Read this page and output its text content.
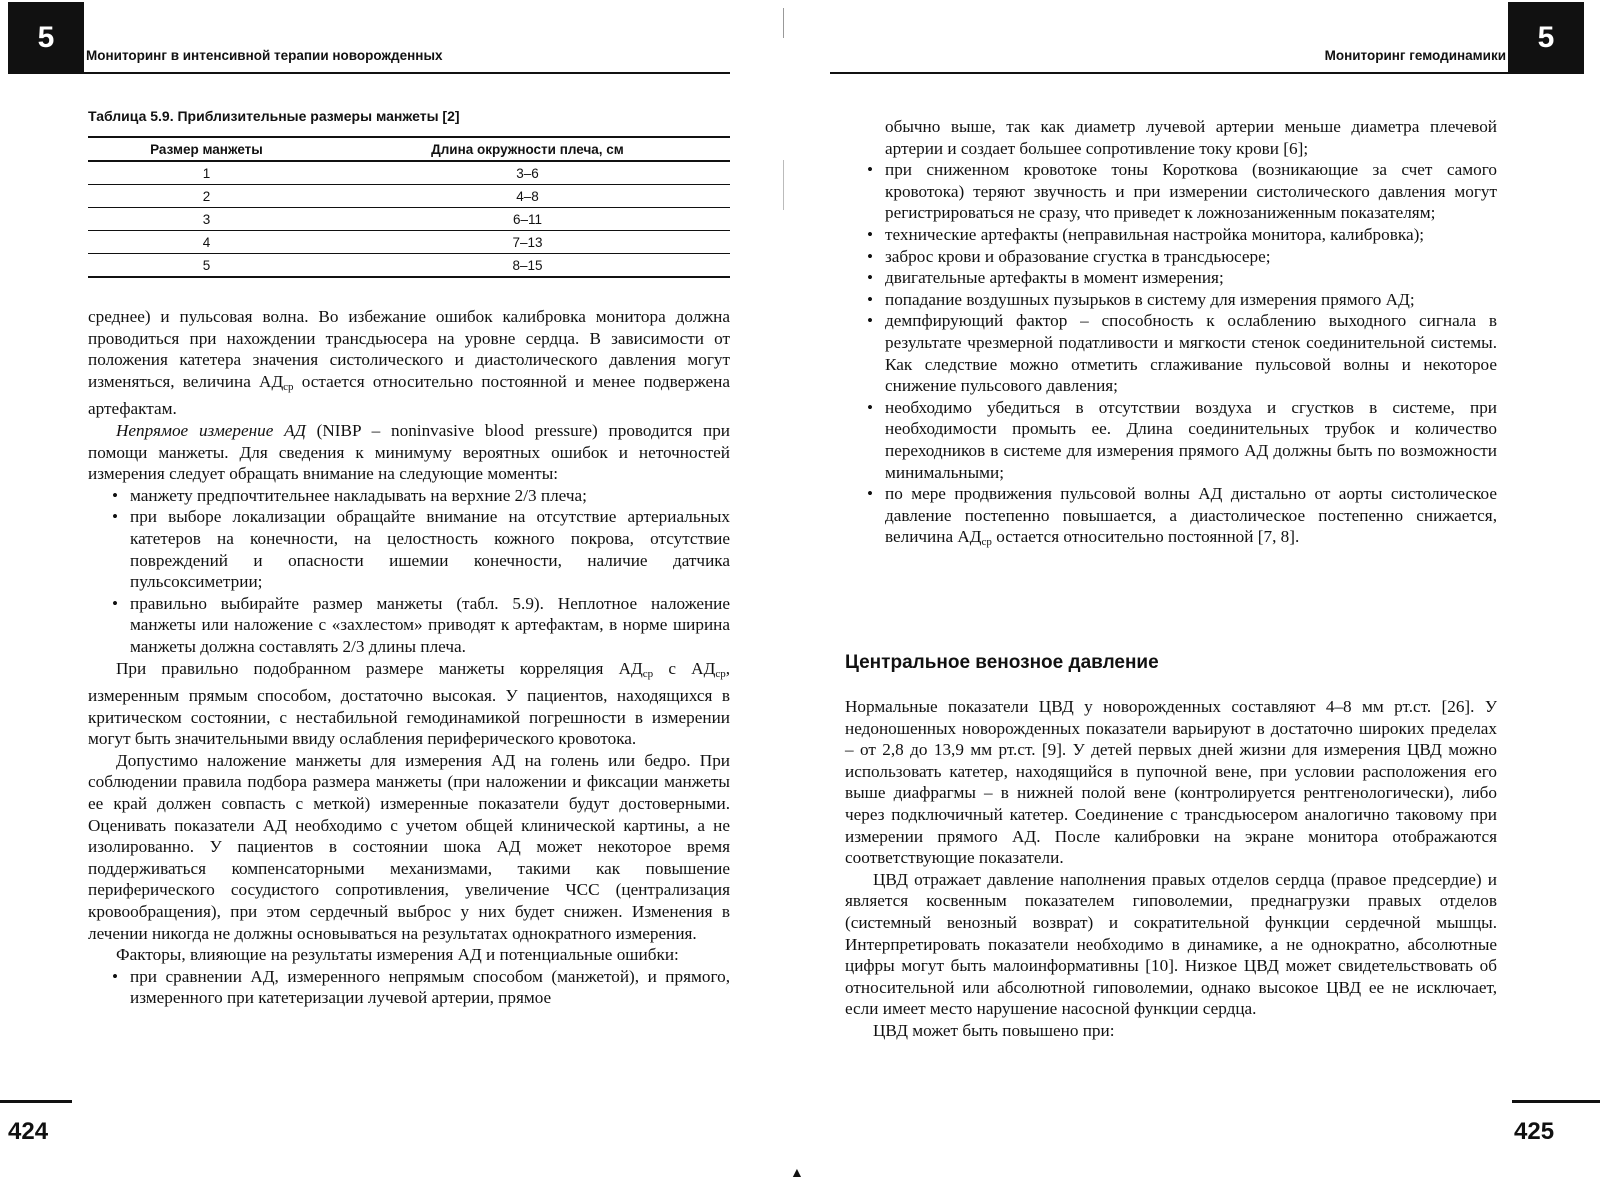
5
Мониторинг в интенсивной терапии новорожденных
Таблица 5.9. Приблизительные размеры манжеты [2]
Размер манжеты	Длина окружности плеча, см
1	3–6
2	4–8
3	6–11
4	7–13
5	8–15

среднее) и пульсовая волна. Во избежание ошибок калибровка монитора должна проводиться при нахождении трансдьюсера на уровне сердца. В зависимости от положения катетера значения систолического и диастолического давления могут изменяться, величина $АД_{ср}$ остается относительно постоянной и менее подвержена артефактам.

Непрямое измерение АД (NIBP – noninvasive blood pressure) проводится при помощи манжеты. Для сведения к минимуму вероятных ошибок и неточностей измерения следует обращать внимание на следующие моменты:

• манжету предпочтительнее накладывать на верхние 2/3 плеча;
• при выборе локализации обращайте внимание на отсутствие артериальных катетеров на конечности, на целостность кожного покрова, отсутствие повреждений и опасности ишемии конечности, наличие датчика пульсоксиметрии;
• правильно выбирайте размер манжеты (табл. 5.9). Неплотное наложение манжеты или наложение с «захлестом» приводят к артефактам, в норме ширина манжеты должна составлять 2/3 длины плеча.

При правильно подобранном размере манжеты корреляция $АД_{ср}$ с $АД_{ср}$, измеренным прямым способом, достаточно высокая. У пациентов, находящихся в критическом состоянии, с нестабильной гемодинамикой погрешности в измерении могут быть значительными ввиду ослабления периферического кровотока.

Допустимо наложение манжеты для измерения АД на голень или бедро. При соблюдении правила подбора размера манжеты (при наложении и фиксации манжеты ее край должен совпасть с меткой) измеренные показатели будут достоверными. Оценивать показатели АД необходимо с учетом общей клинической картины, а не изолированно. У пациентов в состоянии шока АД может некоторое время поддерживаться компенсаторными механизмами, такими как повышение периферического сосудистого сопротивления, увеличение ЧСС (централизация кровообращения), при этом сердечный выброс у них будет снижен. Изменения в лечении никогда не должны основываться на результатах однократного измерения.

Факторы, влияющие на результаты измерения АД и потенциальные ошибки:

• при сравнении АД, измеренного непрямым способом (манжетой), и прямого, измеренного при катетеризации лучевой артерии, прямое
424
Мониторинг гемодинамики
5

обычно выше, так как диаметр лучевой артерии меньше диаметра плечевой артерии и создает большее сопротивление току крови [6];

• при сниженном кровотоке тоны Короткова (возникающие за счет самого кровотока) теряют звучность и при измерении систолического давления могут регистрироваться не сразу, что приведет к ложнозаниженным показателям;
• технические артефакты (неправильная настройка монитора, калибровка);
• заброс крови и образование сгустка в трансдьюсере;
• двигательные артефакты в момент измерения;
• попадание воздушных пузырьков в систему для измерения прямого АД;
• демпфирующий фактор – способность к ослаблению выходного сигнала в результате чрезмерной податливости и мягкости стенок соединительной системы. Как следствие можно отметить сглаживание пульсовой волны и некоторое снижение пульсового давления;
• необходимо убедиться в отсутствии воздуха и сгустков в системе, при необходимости промыть ее. Длина соединительных трубок и количество переходников в системе для измерения прямого АД должны быть по возможности минимальными;
• по мере продвижения пульсовой волны АД дистально от аорты систолическое давление постепенно повышается, а диастолическое постепенно снижается, величина $АД_{ср}$ остается относительно постоянной [7, 8].
Центральное венозное давление

Нормальные показатели ЦВД у новорожденных составляют 4–8 мм рт.ст. [26]. У недоношенных новорожденных показатели варьируют в достаточно широких пределах – от 2,8 до 13,9 мм рт.ст. [9]. У детей первых дней жизни для измерения ЦВД можно использовать катетер, находящийся в пупочной вене, при условии расположения его выше диафрагмы – в нижней полой вене (контролируется рентгенологически), либо через подключичный катетер. Соединение с трансдьюсером аналогично таковому при измерении прямого АД. После калибровки на экране монитора отображаются соответствующие показатели.

ЦВД отражает давление наполнения правых отделов сердца (правое предсердие) и является косвенным показателем гиповолемии, преднагрузки правых отделов (системный венозный возврат) и сократительной функции сердечной мышцы. Интерпретировать показатели необходимо в динамике, а не однократно, абсолютные цифры могут быть малоинформативны [10]. Низкое ЦВД может свидетельствовать об относительной или абсолютной гиповолемии, однако высокое ЦВД ее не исключает, если имеет место нарушение насосной функции сердца.

ЦВД может быть повышено при:

425
▲
